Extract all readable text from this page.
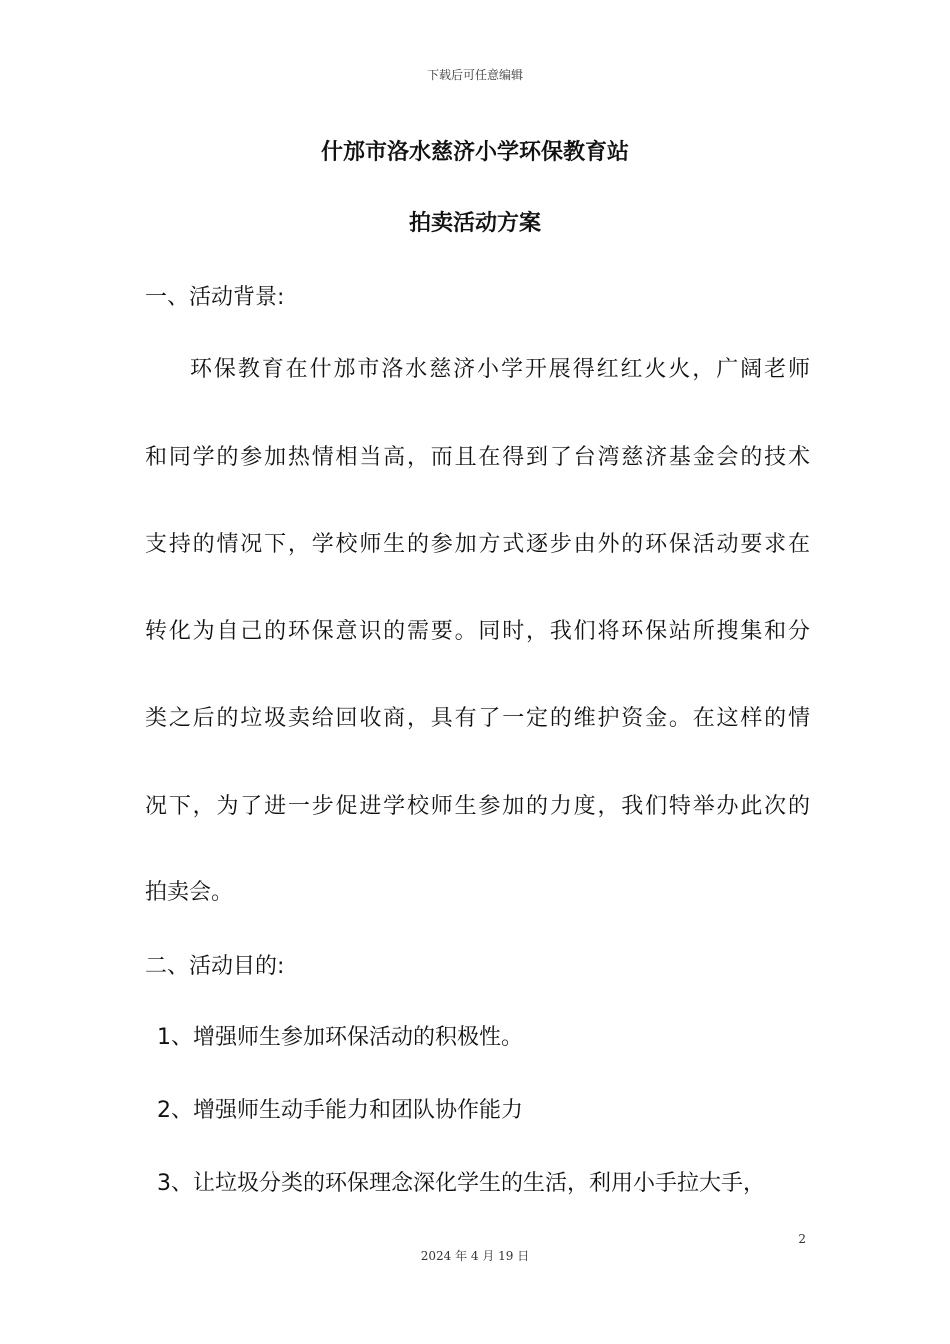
下载后可任意编辑
什邡市洛水慈济小学环保教育站
拍卖活动方案
一、活动背景:
环保教育在什邡市洛水慈济小学开展得红红火火，广阔老师
和同学的参加热情相当高，而且在得到了台湾慈济基金会的技术
支持的情况下，学校师生的参加方式逐步由外的环保活动要求在
转化为自己的环保意识的需要。同时，我们将环保站所搜集和分
类之后的垃圾卖给回收商，具有了一定的维护资金。在这样的情
况下，为了进一步促进学校师生参加的力度，我们特举办此次的
拍卖会。
二、活动目的:
1、增强师生参加环保活动的积极性。
2、增强师生动手能力和团队协作能力
3、让垃圾分类的环保理念深化学生的生活，利用小手拉大手，
2
2024 年 4 月 19 日
